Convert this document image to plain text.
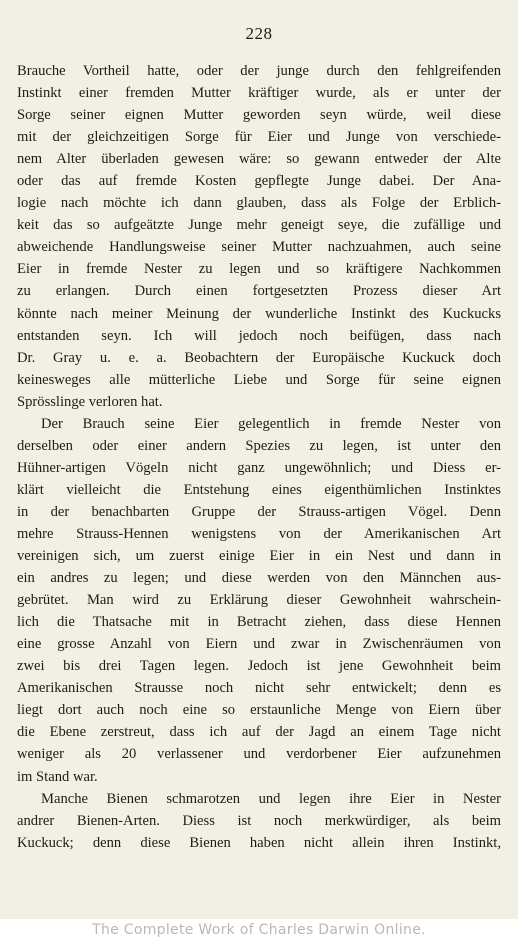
228
Brauche Vortheil hatte, oder der junge durch den fehlgreifenden
Instinkt einer fremden Mutter kräftiger wurde, als er unter der
Sorge seiner eignen Mutter geworden seyn würde, weil diese
mit der gleichzeitigen Sorge für Eier und Junge von verschiede-
nem Alter überladen gewesen wäre: so gewann entweder der Alte
oder das auf fremde Kosten gepflegte Junge dabei. Der Ana-
logie nach möchte ich dann glauben, dass als Folge der Erblich-
keit das so aufgeätzte Junge mehr geneigt seye, die zufällige und
abweichende Handlungsweise seiner Mutter nachzuahmen, auch seine
Eier in fremde Nester zu legen und so kräftigere Nachkommen
zu erlangen. Durch einen fortgesetzten Prozess dieser Art
könnte nach meiner Meinung der wunderliche Instinkt des Kuckucks
entstanden seyn. Ich will jedoch noch beifügen, dass nach
Dr. Gray u. e. a. Beobachtern der Europäische Kuckuck doch
keinesweges alle mütterliche Liebe und Sorge für seine eignen
Sprösslinge verloren hat.
Der Brauch seine Eier gelegentlich in fremde Nester von
derselben oder einer andern Spezies zu legen, ist unter den
Hühner-artigen Vögeln nicht ganz ungewöhnlich; und Diess er-
klärt vielleicht die Entstehung eines eigenthümlichen Instinktes
in der benachbarten Gruppe der Strauss-artigen Vögel. Denn
mehre Strauss-Hennen wenigstens von der Amerikanischen Art
vereinigen sich, um zuerst einige Eier in ein Nest und dann in
ein andres zu legen; und diese werden von den Männchen aus-
gebrütet. Man wird zu Erklärung dieser Gewohnheit wahrschein-
lich die Thatsache mit in Betracht ziehen, dass diese Hennen
eine grosse Anzahl von Eiern und zwar in Zwischenräumen von
zwei bis drei Tagen legen. Jedoch ist jene Gewohnheit beim
Amerikanischen Strausse noch nicht sehr entwickelt; denn es
liegt dort auch noch eine so erstaunliche Menge von Eiern über
die Ebene zerstreut, dass ich auf der Jagd an einem Tage nicht
weniger als 20 verlassener und verdorbener Eier aufzunehmen
im Stand war.
Manche Bienen schmarotzen und legen ihre Eier in Nester
andrer Bienen-Arten. Diess ist noch merkwürdiger, als beim
Kuckuck; denn diese Bienen haben nicht allein ihren Instinkt,
The Complete Work of Charles Darwin Online.
